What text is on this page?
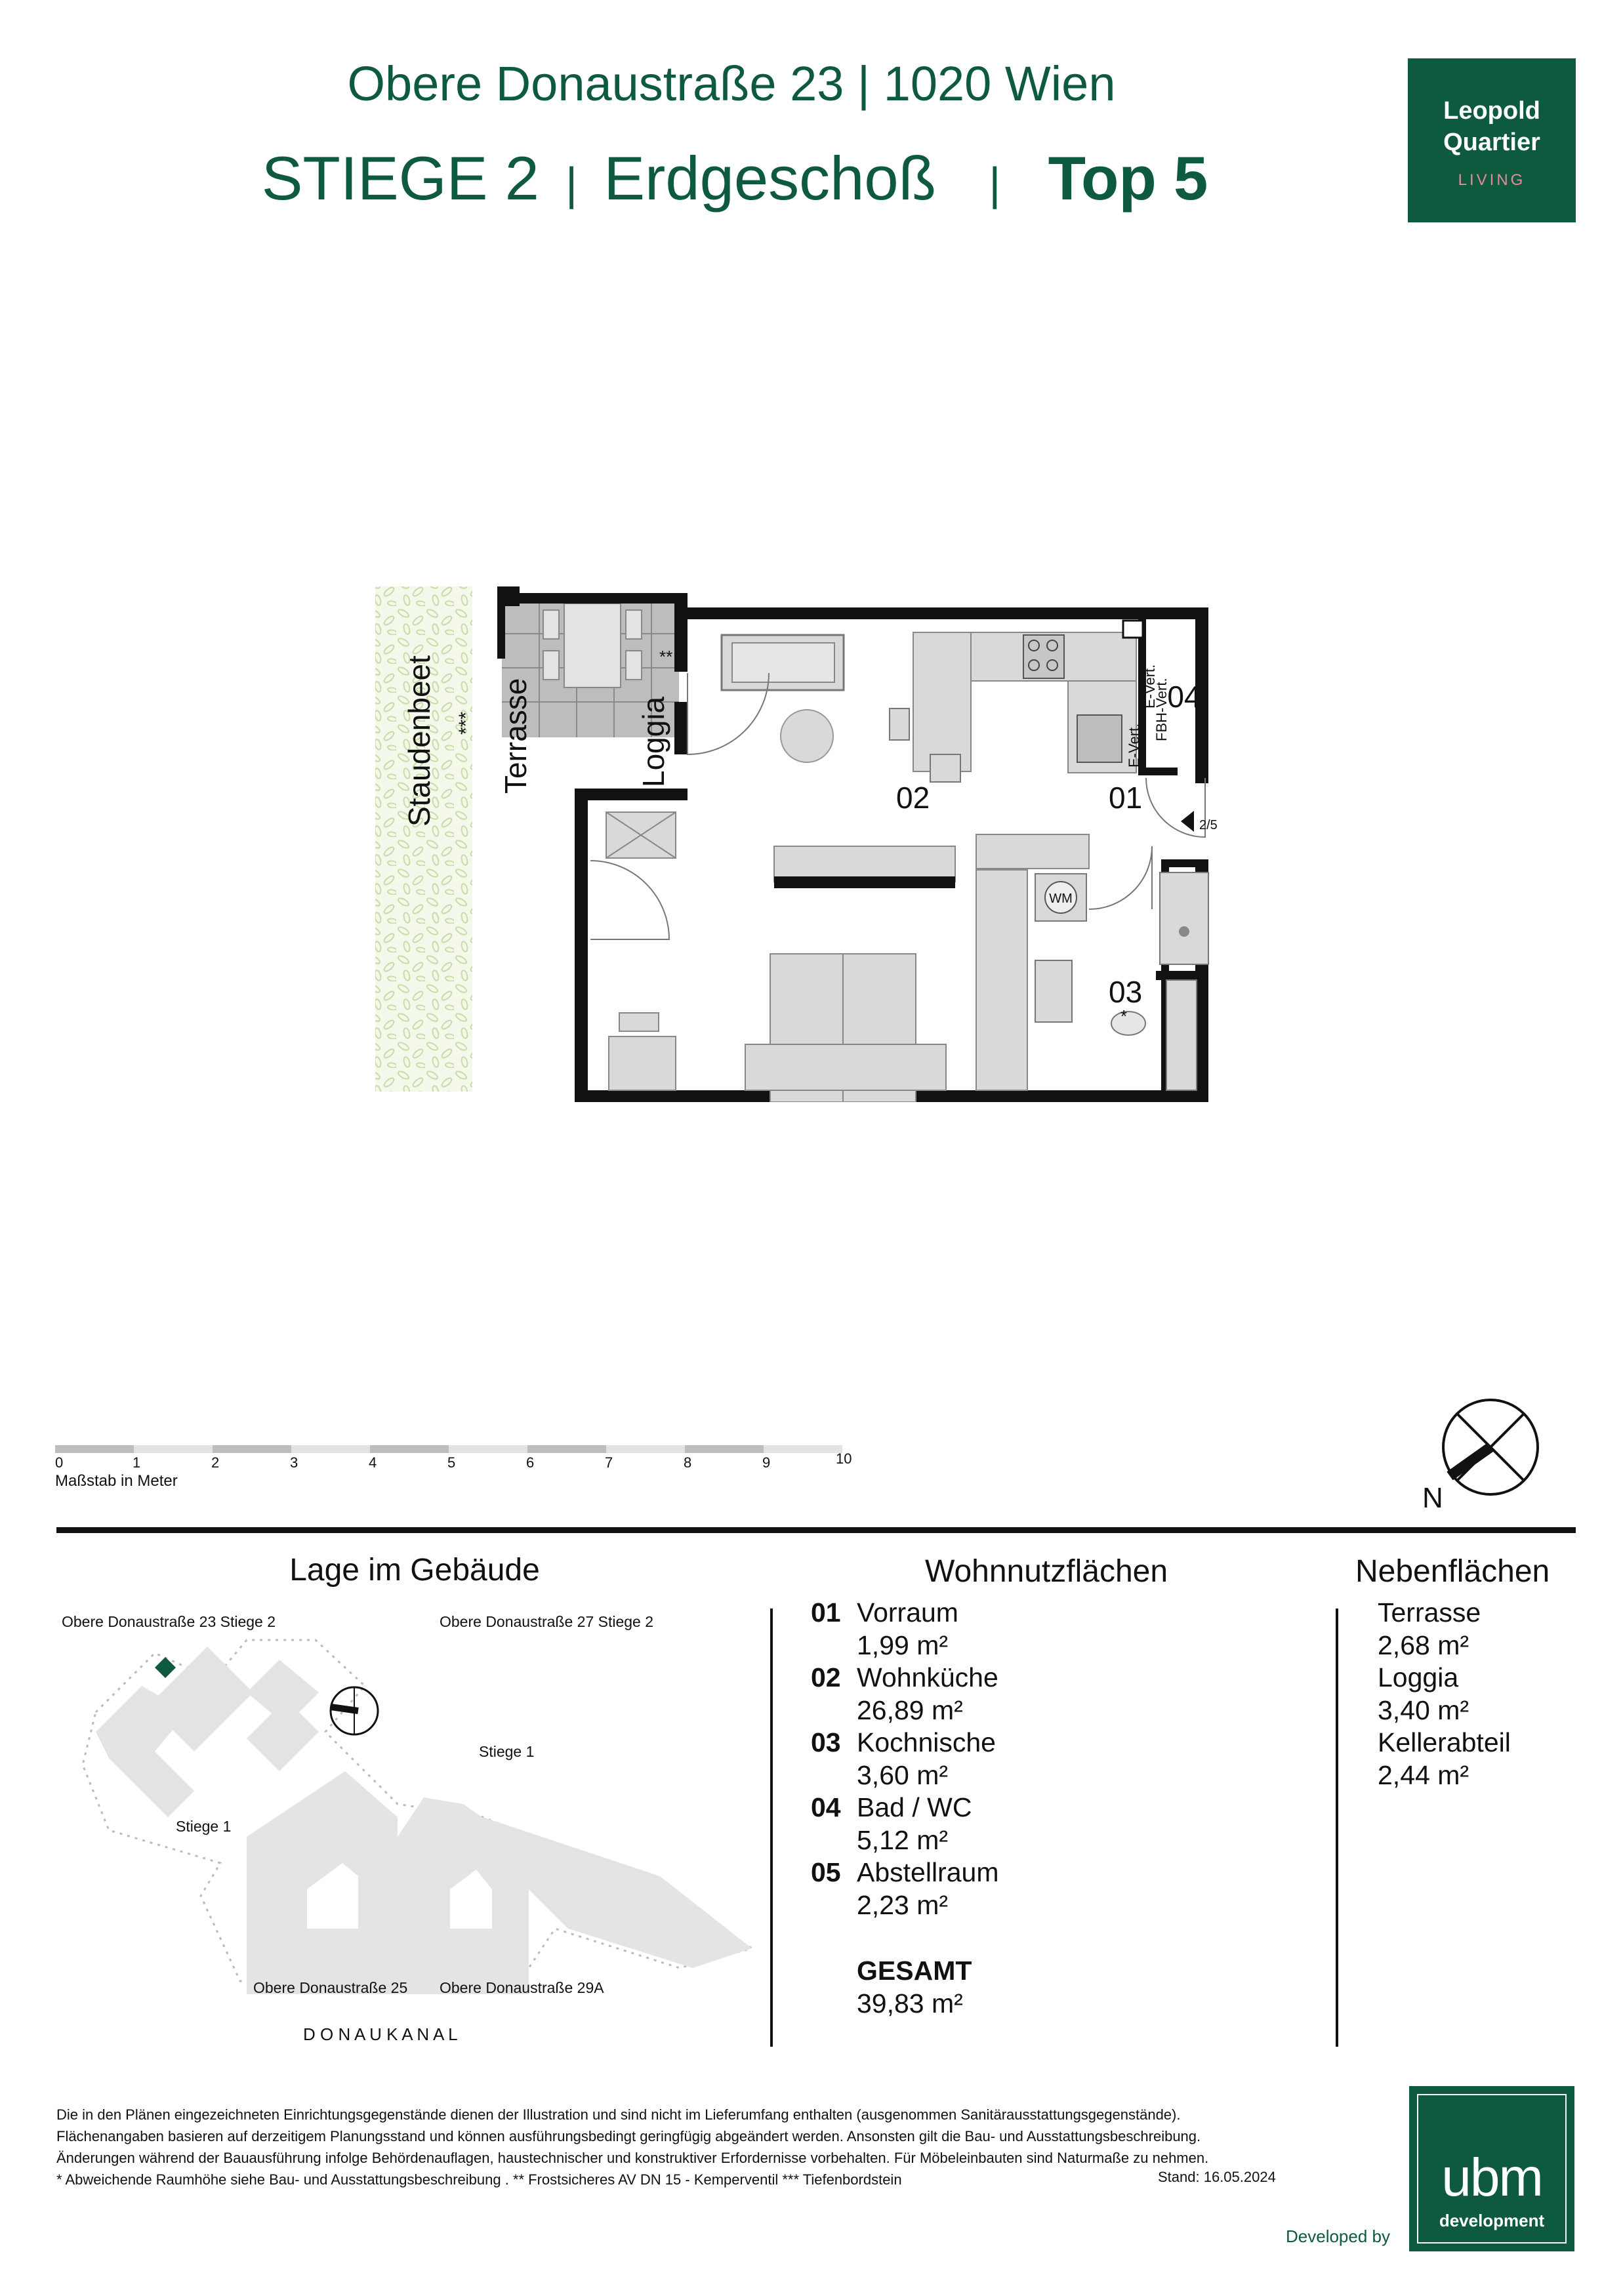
Obere Donaustraße 23 | 1020 Wien
STIEGE 2 | Erdgeschoß | Top 5
Leopold
Quartier
LIVING
Staudenbeet *** Terrasse	Loggia
**
WM
02	01
03
*
04
E-Vert.
E-Vert.
FBH-Vert.
2/5
0	1	2	3	4	5	6	7	8	9	10
Maßstab in Meter
N
Lage im Gebäude
Obere Donaustraße 23 Stiege 2	Obere Donaustraße 27 Stiege 2
Stiege 1
Stiege 1
Obere Donaustraße 25 Obere Donaustraße 29A
D O N A U K A N A L
Wohnnutzflächen
01 Vorraum
1,99 m²
02 Wohnküche
26,89 m²
03 Kochnische
3,60 m²
04 Bad / WC
5,12 m²
05 Abstellraum
2,23 m²
GESAMT
39,83 m²
Nebenflächen
Terrasse
2,68 m²
Loggia
3,40 m²
Kellerabteil
2,44 m²
Die in den Plänen eingezeichneten Einrichtungsgegenstände dienen der Illustration und sind nicht im Lieferumfang enthalten (ausgenommen Sanitärausstattungsgegenstände).
Flächenangaben basieren auf derzeitigem Planungsstand und können ausführungsbedingt geringfügig abgeändert werden. Ansonsten gilt die Bau- und Ausstattungsbeschreibung.
Änderungen während der Bauausführung infolge Behördenauflagen, haustechnischer und konstruktiver Erfordernisse vorbehalten. Für Möbeleinbauten sind Naturmaße zu nehmen.
* Abweichende Raumhöhe siehe Bau- und Ausstattungsbeschreibung . ** Frostsicheres AV DN 15 - Kemperventil *** Tiefenbordstein	Stand: 16.05.2024	ubm
development
Developed by
